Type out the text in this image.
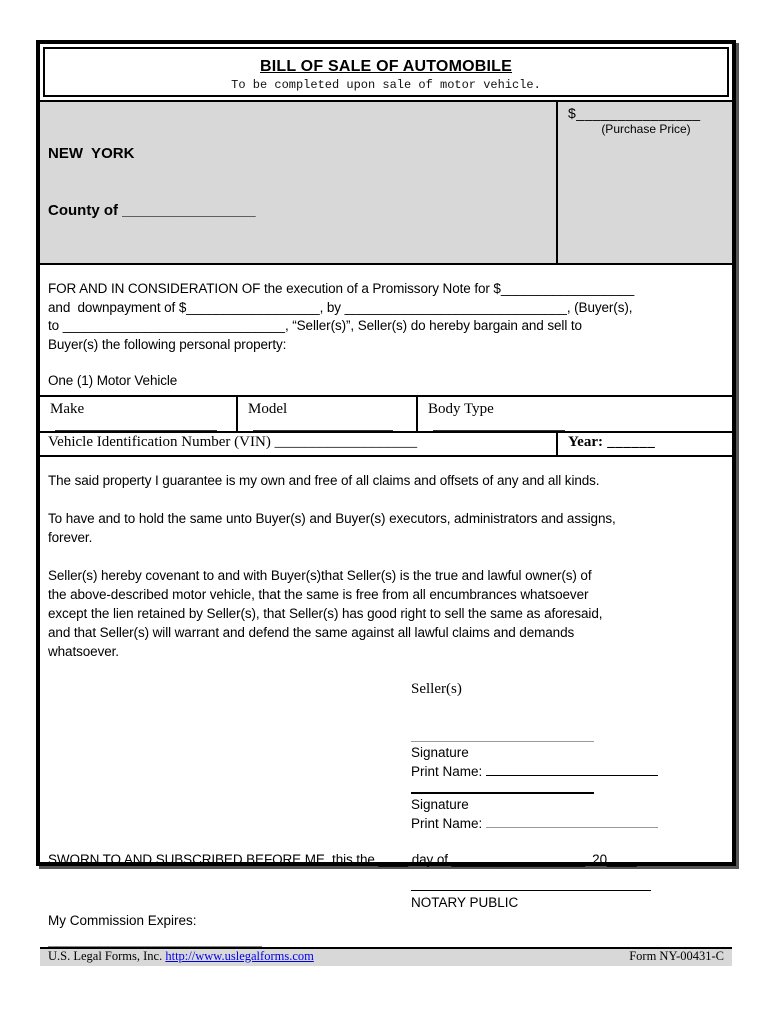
BILL OF SALE OF AUTOMOBILE
To be completed upon sale of motor vehicle.

NEW  YORK

County of ________________

$_______________
(Purchase Price)
FOR AND IN CONSIDERATION OF the execution of a Promissory Note for $__________________
and  downpayment of $__________________, by ______________________________, (Buyer(s),
to ______________________________, “Seller(s)”, Seller(s) do hereby bargain and sell to
Buyer(s) the following personal property:
One (1) Motor Vehicle
Make	Model	Body Type
Vehicle Identification Number (VIN) ___________________	Year: ______
The said property I guarantee is my own and free of all claims and offsets of any and all kinds.
To have and to hold the same unto Buyer(s) and Buyer(s) executors, administrators and assigns,
forever.
Seller(s) hereby covenant to and with Buyer(s)that Seller(s) is the true and lawful owner(s) of
the above-described motor vehicle, that the same is free from all encumbrances whatsoever
except the lien retained by Seller(s), that Seller(s) has good right to sell the same as aforesaid,
and that Seller(s) will warrant and defend the same against all lawful claims and demands
whatsoever.
Seller(s)
Signature
Print Name:
Signature
Print Name:
SWORN TO AND SUBSCRIBED BEFORE ME, this the ____ day of __________________, 20____.
NOTARY PUBLIC
My Commission Expires:
U.S. Legal Forms, Inc. http://www.uslegalforms.com	Form NY-00431-C
